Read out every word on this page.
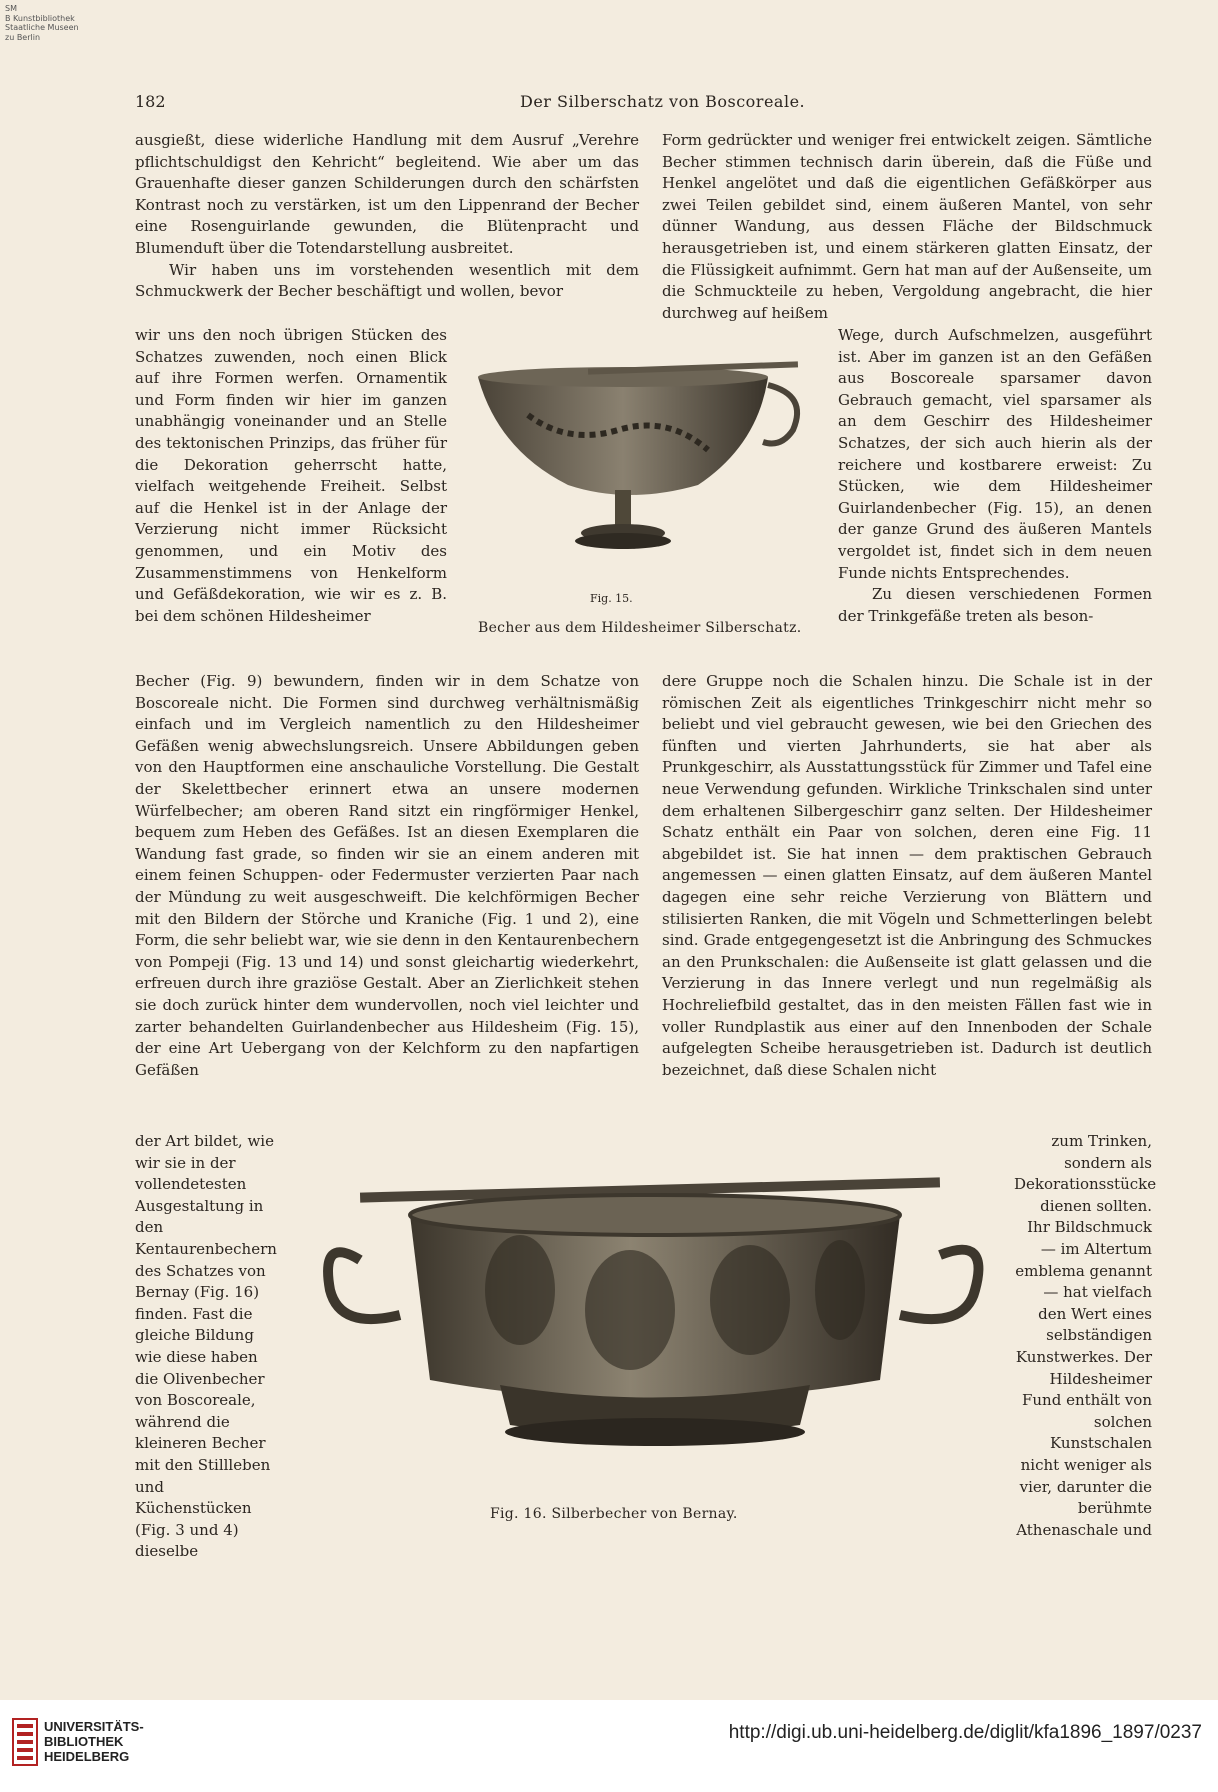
SM
B Kunstbibliothek
Staatliche Museen
zu Berlin
182	Der Silberschatz von Boscoreale.

ausgießt, diese widerliche Handlung mit dem Ausruf „Verehre pflichtschuldigst den Kehricht“ begleitend. Wie aber um das Grauenhafte dieser ganzen Schilderungen durch den schärfsten Kontrast noch zu verstärken, ist um den Lippenrand der Becher eine Rosenguirlande gewunden, die Blütenpracht und Blumenduft über die Totendarstellung ausbreitet.

Wir haben uns im vorstehenden wesentlich mit dem Schmuckwerk der Becher beschäftigt und wollen, bevor

wir uns den noch übrigen Stücken des Schatzes zuwenden, noch einen Blick auf ihre Formen werfen. Ornamentik und Form finden wir hier im ganzen unabhängig voneinander und an Stelle des tektonischen Prinzips, das früher für die Dekoration geherrscht hatte, vielfach weitgehende Freiheit. Selbst auf die Henkel ist in der Anlage der Verzierung nicht immer Rücksicht genommen, und ein Motiv des Zusammenstimmens von Henkelform und Gefäßdekoration, wie wir es z. B. bei dem schönen Hildesheimer
Becher (Fig. 9) bewundern, finden wir in dem Schatze von Boscoreale nicht. Die Formen sind durchweg verhältnismäßig einfach und im Vergleich namentlich zu den Hildesheimer Gefäßen wenig abwechslungsreich. Unsere Abbildungen geben von den Hauptformen eine anschauliche Vorstellung. Die Gestalt der Skelettbecher erinnert etwa an unsere modernen Würfelbecher; am oberen Rand sitzt ein ringförmiger Henkel, bequem zum Heben des Gefäßes. Ist an diesen Exemplaren die Wandung fast grade, so finden wir sie an einem anderen mit einem feinen Schuppen- oder Federmuster verzierten Paar nach der Mündung zu weit ausgeschweift. Die kelchförmigen Becher mit den Bildern der Störche und Kraniche (Fig. 1 und 2), eine Form, die sehr beliebt war, wie sie denn in den Kentaurenbechern von Pompeji (Fig. 13 und 14) und sonst gleichartig wiederkehrt, erfreuen durch ihre graziöse Gestalt. Aber an Zierlichkeit stehen sie doch zurück hinter dem wundervollen, noch viel leichter und zarter behandelten Guirlandenbecher aus Hildesheim (Fig. 15), der eine Art Uebergang von der Kelchform zu den napfartigen Gefäßen
der Art bildet, wie wir sie in der vollendetesten Ausgestaltung in den Kentaurenbechern des Schatzes von Bernay (Fig. 16) finden. Fast die gleiche Bildung wie diese haben die Olivenbecher von Boscoreale, während die kleineren Becher mit den Stillleben und Küchenstücken (Fig. 3 und 4) dieselbe
Form gedrückter und weniger frei entwickelt zeigen. Sämtliche Becher stimmen technisch darin überein, daß die Füße und Henkel angelötet und daß die eigentlichen Gefäßkörper aus zwei Teilen gebildet sind, einem äußeren Mantel, von sehr dünner Wandung, aus dessen Fläche der Bildschmuck herausgetrieben ist, und einem stärkeren glatten Einsatz, der die Flüssigkeit aufnimmt. Gern hat man auf der Außenseite, um die Schmuckteile zu heben, Vergoldung angebracht, die hier durchweg auf heißem

Wege, durch Aufschmelzen, ausgeführt ist. Aber im ganzen ist an den Gefäßen aus Boscoreale sparsamer davon Gebrauch gemacht, viel sparsamer als an dem Geschirr des Hildesheimer Schatzes, der sich auch hierin als der reichere und kostbarere erweist: Zu Stücken, wie dem Hildesheimer Guirlandenbecher (Fig. 15), an denen der ganze Grund des äußeren Mantels vergoldet ist, findet sich in dem neuen Funde nichts Entsprechendes.

Zu diesen verschiedenen Formen der Trinkgefäße treten als beson-

dere Gruppe noch die Schalen hinzu. Die Schale ist in der römischen Zeit als eigentliches Trinkgeschirr nicht mehr so beliebt und viel gebraucht gewesen, wie bei den Griechen des fünften und vierten Jahrhunderts, sie hat aber als Prunkgeschirr, als Ausstattungsstück für Zimmer und Tafel eine neue Verwendung gefunden. Wirkliche Trinkschalen sind unter dem erhaltenen Silbergeschirr ganz selten. Der Hildesheimer Schatz enthält ein Paar von solchen, deren eine Fig. 11 abgebildet ist. Sie hat innen — dem praktischen Gebrauch angemessen — einen glatten Einsatz, auf dem äußeren Mantel dagegen eine sehr reiche Verzierung von Blättern und stilisierten Ranken, die mit Vögeln und Schmetterlingen belebt sind. Grade entgegengesetzt ist die Anbringung des Schmuckes an den Prunkschalen: die Außenseite ist glatt gelassen und die Verzierung in das Innere verlegt und nun regelmäßig als Hochreliefbild gestaltet, das in den meisten Fällen fast wie in voller Rundplastik aus einer auf den Innenboden der Schale aufgelegten Scheibe herausgetrieben ist. Dadurch ist deutlich bezeichnet, daß diese Schalen nicht
zum Trinken, sondern als Dekorationsstücke dienen sollten. Ihr Bildschmuck — im Altertum emblema genannt — hat vielfach den Wert eines selbständigen Kunstwerkes. Der Hildesheimer Fund enthält von solchen Kunstschalen nicht weniger als vier, darunter die berühmte Athenaschale und
Fig. 15.
Becher aus dem Hildesheimer Silberschatz.
Fig. 16. Silberbecher von Bernay.
UNIVERSITÄTS-
BIBLIOTHEK
HEIDELBERG
http://digi.ub.uni-heidelberg.de/diglit/kfa1896_1897/0237
